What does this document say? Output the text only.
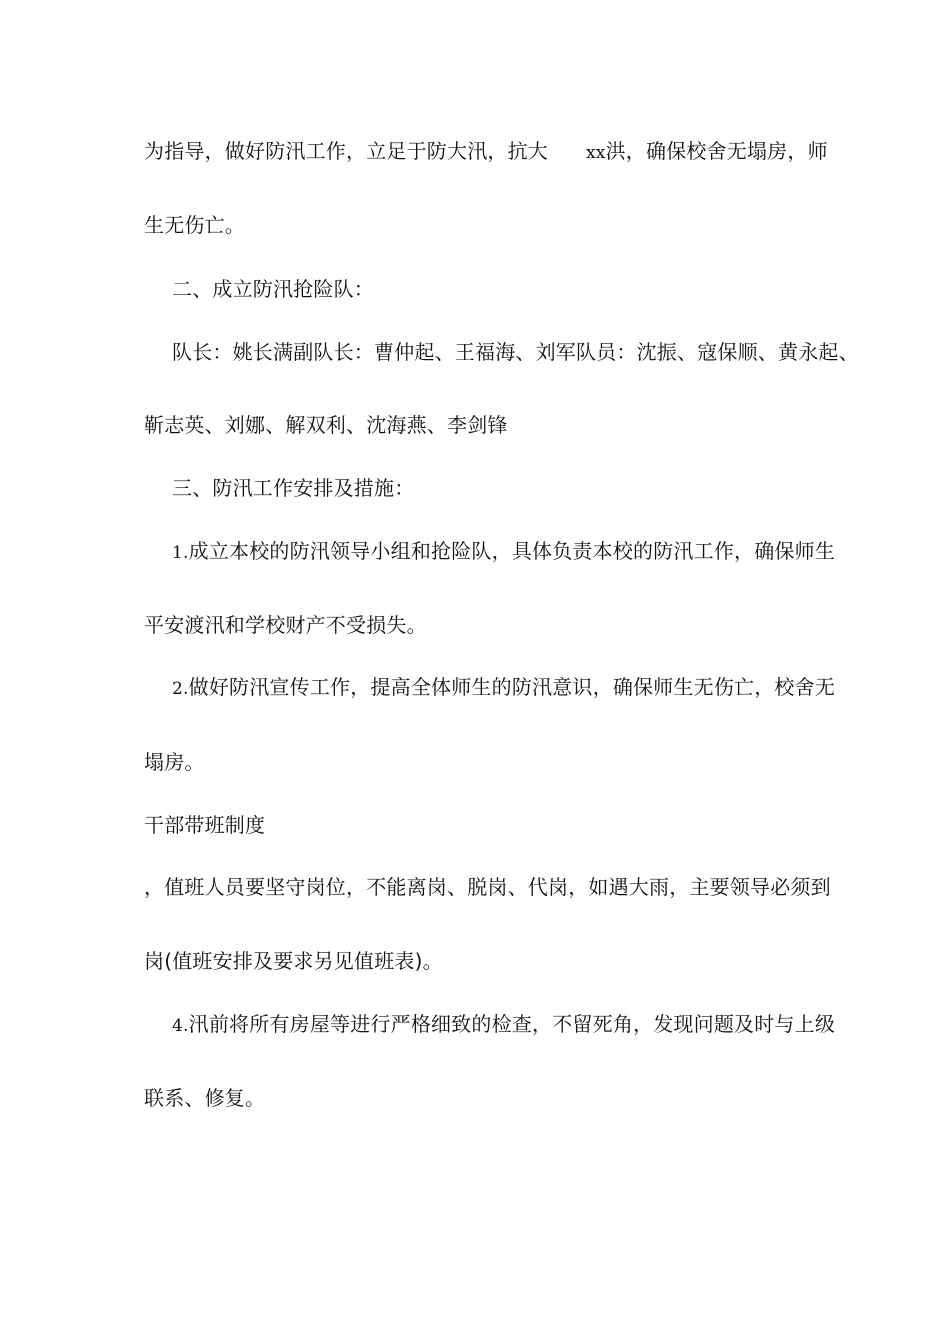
为指导，做好防汛工作，立足于防大汛，抗大 xx洪，确保校舍无塌房，师
生无伤亡。
二、成立防汛抢险队：
队长：姚长满副队长：曹仲起、王福海、刘军队员：沈振、寇保顺、黄永起、
靳志英、刘娜、解双利、沈海燕、李剑锋
三、防汛工作安排及措施：
1.成立本校的防汛领导小组和抢险队，具体负责本校的防汛工作，确保师生
平安渡汛和学校财产不受损失。
2.做好防汛宣传工作，提高全体师生的防汛意识，确保师生无伤亡，校舍无
塌房。
干部带班制度
，值班人员要坚守岗位，不能离岗、脱岗、代岗，如遇大雨，主要领导必须到
岗(值班安排及要求另见值班表)。
4.汛前将所有房屋等进行严格细致的检查，不留死角，发现问题及时与上级
联系、修复。
